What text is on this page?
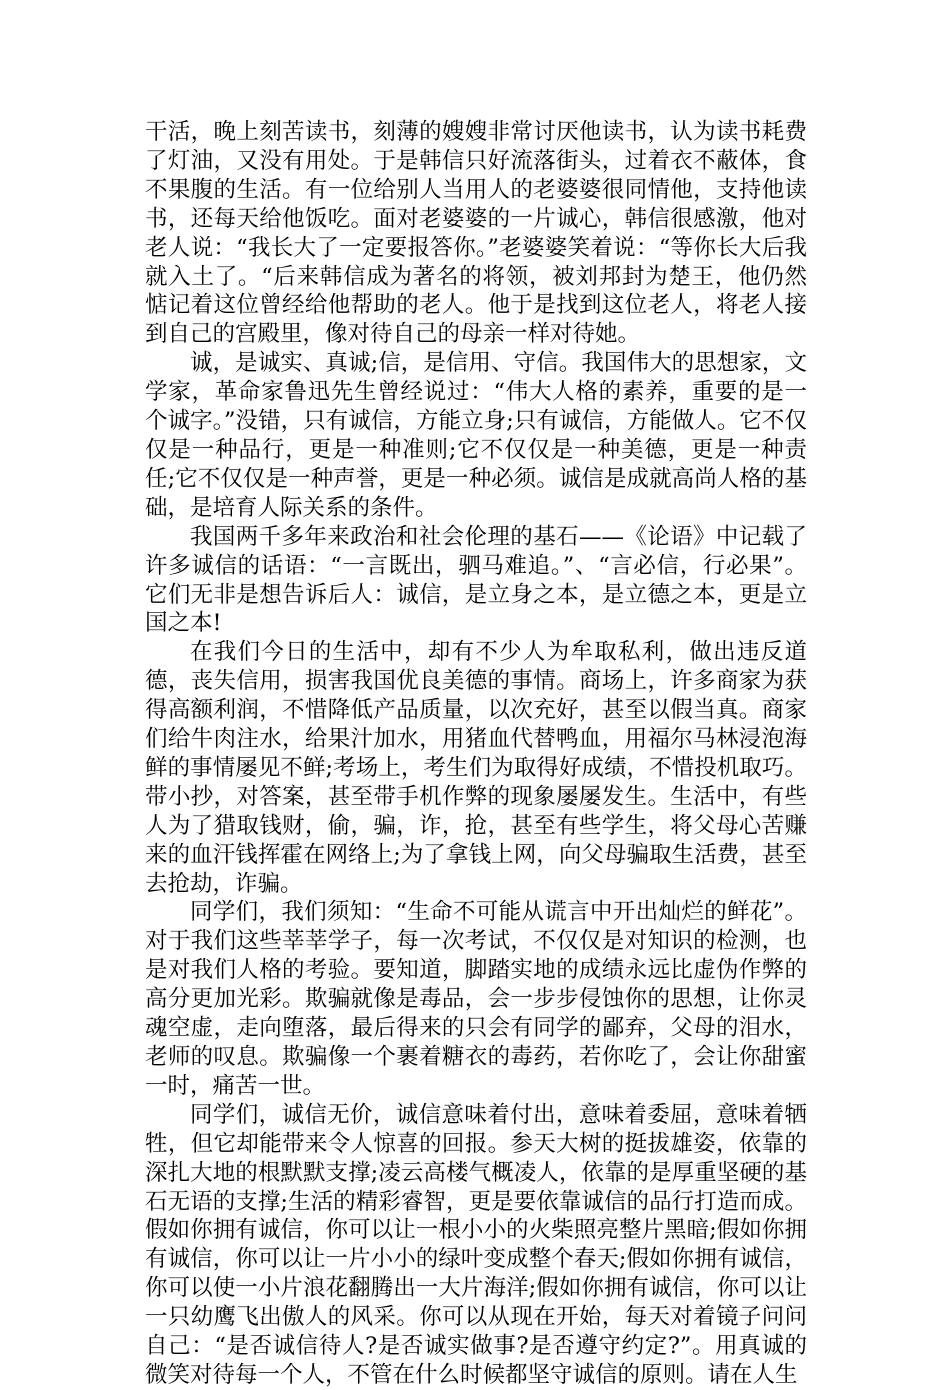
干活，晚上刻苦读书，刻薄的嫂嫂非常讨厌他读书，认为读书耗费了灯油，又没有用处。于是韩信只好流落街头，过着衣不蔽体，食不果腹的生活。有一位给别人当用人的老婆婆很同情他，支持他读书，还每天给他饭吃。面对老婆婆的一片诚心，韩信很感激，他对老人说：“我长大了一定要报答你。”老婆婆笑着说：“等你长大后我就入土了。“后来韩信成为著名的将领，被刘邦封为楚王，他仍然惦记着这位曾经给他帮助的老人。他于是找到这位老人，将老人接到自己的宫殿里，像对待自己的母亲一样对待她。

诚，是诚实、真诚;信，是信用、守信。我国伟大的思想家，文学家，革命家鲁迅先生曾经说过：“伟大人格的素养，重要的是一个诚字。”没错，只有诚信，方能立身;只有诚信，方能做人。它不仅仅是一种品行，更是一种准则;它不仅仅是一种美德，更是一种责任;它不仅仅是一种声誉，更是一种必须。诚信是成就高尚人格的基础，是培育人际关系的条件。

我国两千多年来政治和社会伦理的基石——《论语》中记载了许多诚信的话语：“一言既出，驷马难追。”、“言必信，行必果”。它们无非是想告诉后人：诚信，是立身之本，是立德之本，更是立国之本!

在我们今日的生活中，却有不少人为牟取私利，做出违反道德，丧失信用，损害我国优良美德的事情。商场上，许多商家为获得高额利润，不惜降低产品质量，以次充好，甚至以假当真。商家们给牛肉注水，给果汁加水，用猪血代替鸭血，用福尔马林浸泡海鲜的事情屡见不鲜;考场上，考生们为取得好成绩，不惜投机取巧。带小抄，对答案，甚至带手机作弊的现象屡屡发生。生活中，有些人为了猎取钱财，偷，骗，诈，抢，甚至有些学生，将父母心苦赚来的血汗钱挥霍在网络上;为了拿钱上网，向父母骗取生活费，甚至去抢劫，诈骗。

同学们，我们须知：“生命不可能从谎言中开出灿烂的鲜花”。对于我们这些莘莘学子，每一次考试，不仅仅是对知识的检测，也是对我们人格的考验。要知道，脚踏实地的成绩永远比虚伪作弊的高分更加光彩。欺骗就像是毒品，会一步步侵蚀你的思想，让你灵魂空虚，走向堕落，最后得来的只会有同学的鄙弃，父母的泪水，老师的叹息。欺骗像一个裹着糖衣的毒药，若你吃了，会让你甜蜜一时，痛苦一世。

同学们，诚信无价，诚信意味着付出，意味着委屈，意味着牺牲，但它却能带来令人惊喜的回报。参天大树的挺拔雄姿，依靠的深扎大地的根默默支撑;凌云高楼气概凌人，依靠的是厚重坚硬的基石无语的支撑;生活的精彩睿智，更是要依靠诚信的品行打造而成。假如你拥有诚信，你可以让一根小小的火柴照亮整片黑暗;假如你拥有诚信，你可以让一片小小的绿叶变成整个春天;假如你拥有诚信，你可以使一小片浪花翻腾出一大片海洋;假如你拥有诚信，你可以让一只幼鹰飞出傲人的风采。你可以从现在开始，每天对着镜子问问自己：“是否诚信待人?是否诚实做事?是否遵守约定?”。用真诚的微笑对待每一个人，不管在什么时候都坚守诚信的原则。请在人生
